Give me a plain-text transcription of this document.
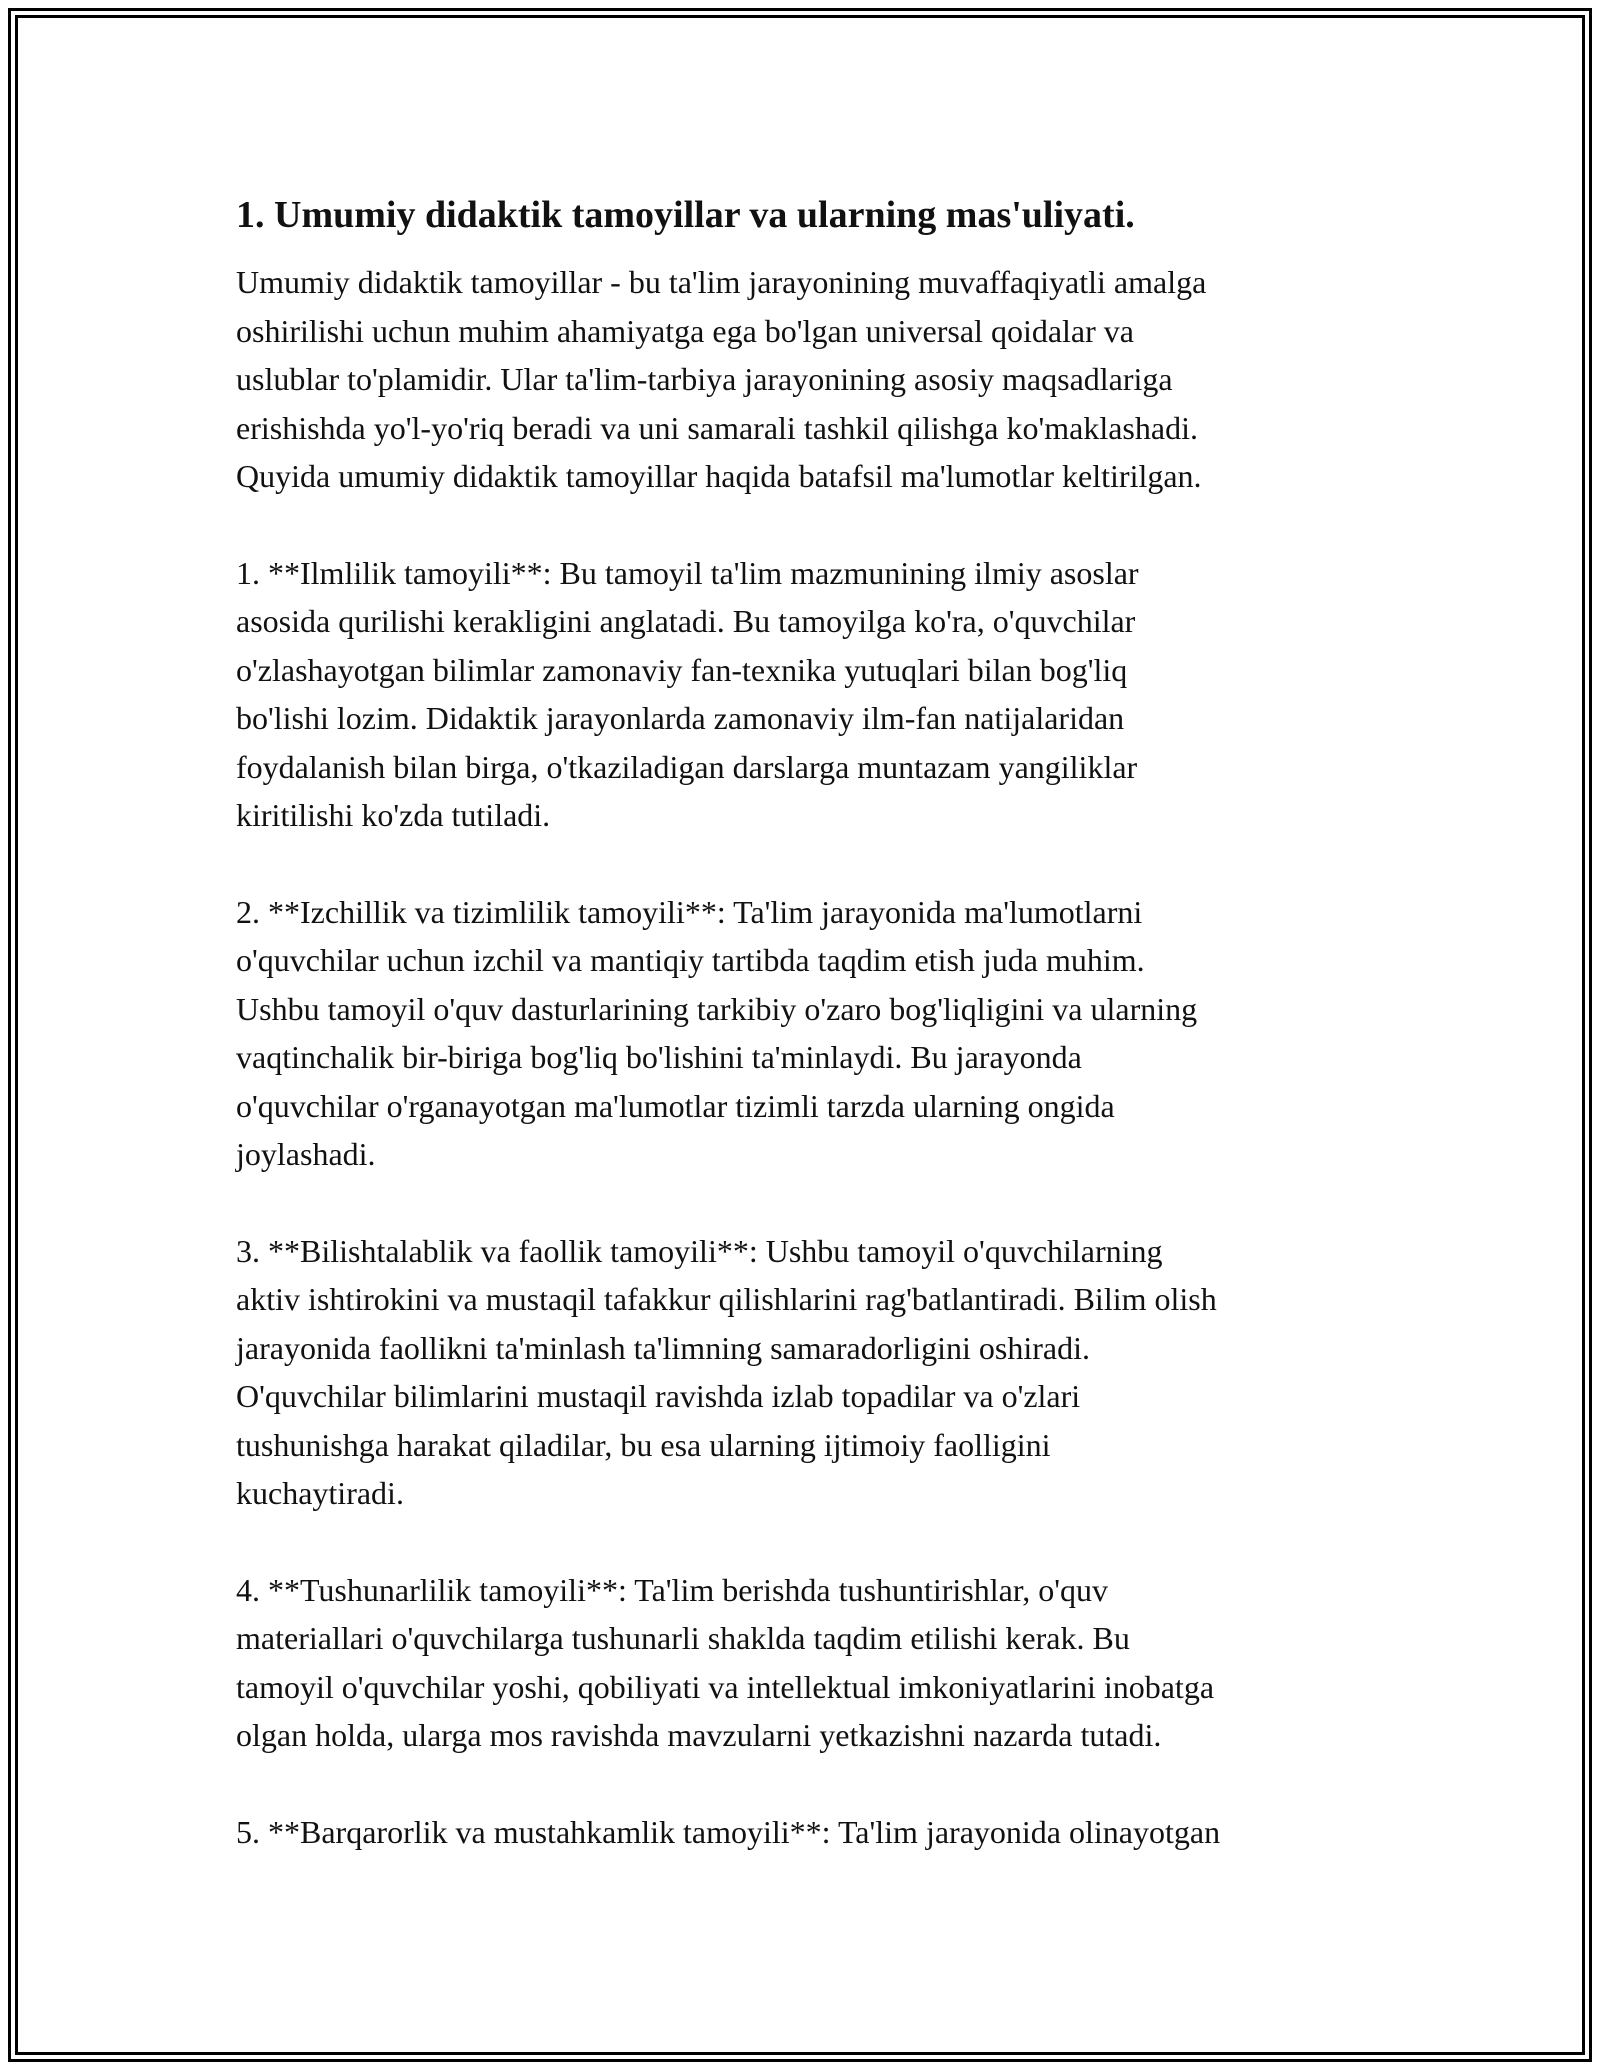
1. Umumiy didaktik tamoyillar va ularning mas'uliyati.
Umumiy didaktik tamoyillar - bu ta'lim jarayonining muvaffaqiyatli amalga
oshirilishi uchun muhim ahamiyatga ega bo'lgan universal qoidalar va
uslublar to'plamidir. Ular ta'lim-tarbiya jarayonining asosiy maqsadlariga
erishishda yo'l-yo'riq beradi va uni samarali tashkil qilishga ko'maklashadi.
Quyida umumiy didaktik tamoyillar haqida batafsil ma'lumotlar keltirilgan.
1. **Ilmlilik tamoyili**: Bu tamoyil ta'lim mazmunining ilmiy asoslar
asosida qurilishi kerakligini anglatadi. Bu tamoyilga ko'ra, o'quvchilar
o'zlashayotgan bilimlar zamonaviy fan-texnika yutuqlari bilan bog'liq
bo'lishi lozim. Didaktik jarayonlarda zamonaviy ilm-fan natijalaridan
foydalanish bilan birga, o'tkaziladigan darslarga muntazam yangiliklar
kiritilishi ko'zda tutiladi.
2. **Izchillik va tizimlilik tamoyili**: Ta'lim jarayonida ma'lumotlarni
o'quvchilar uchun izchil va mantiqiy tartibda taqdim etish juda muhim.
Ushbu tamoyil o'quv dasturlarining tarkibiy o'zaro bog'liqligini va ularning
vaqtinchalik bir-biriga bog'liq bo'lishini ta'minlaydi. Bu jarayonda
o'quvchilar o'rganayotgan ma'lumotlar tizimli tarzda ularning ongida
joylashadi.
3. **Bilishtalablik va faollik tamoyili**: Ushbu tamoyil o'quvchilarning
aktiv ishtirokini va mustaqil tafakkur qilishlarini rag'batlantiradi. Bilim olish
jarayonida faollikni ta'minlash ta'limning samaradorligini oshiradi.
O'quvchilar bilimlarini mustaqil ravishda izlab topadilar va o'zlari
tushunishga harakat qiladilar, bu esa ularning ijtimoiy faolligini
kuchaytiradi.
4. **Tushunarlilik tamoyili**: Ta'lim berishda tushuntirishlar, o'quv
materiallari o'quvchilarga tushunarli shaklda taqdim etilishi kerak. Bu
tamoyil o'quvchilar yoshi, qobiliyati va intellektual imkoniyatlarini inobatga
olgan holda, ularga mos ravishda mavzularni yetkazishni nazarda tutadi.
5. **Barqarorlik va mustahkamlik tamoyili**: Ta'lim jarayonida olinayotgan
